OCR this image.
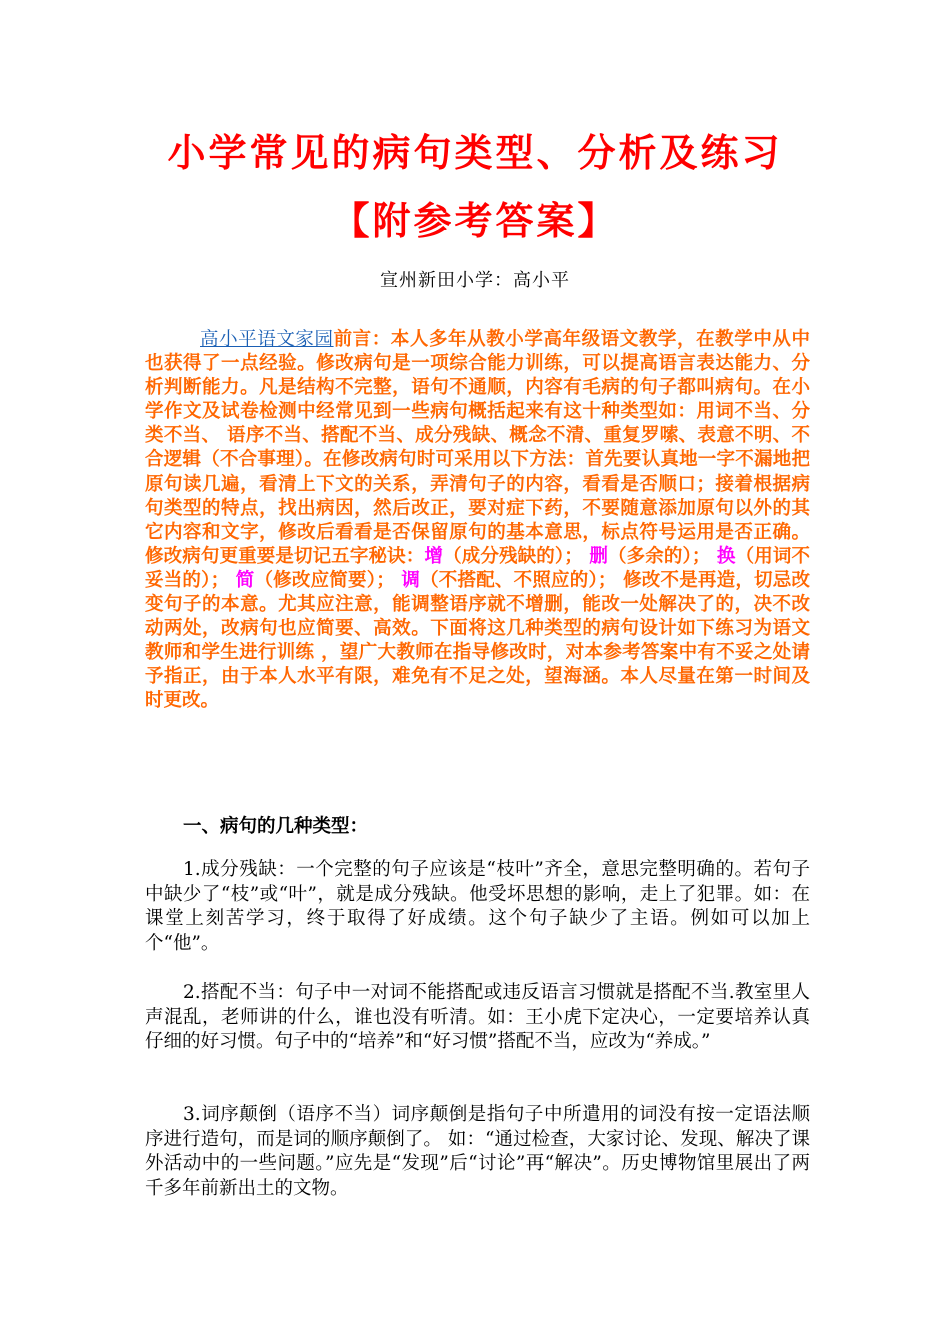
小学常见的病句类型、分析及练习
【附参考答案】
宣州新田小学：高小平
高小平语文家园前言：本人多年从教小学高年级语文教学，在教学中从中也获得了一点经验。修改病句是一项综合能力训练，可以提高语言表达能力、分析判断能力。凡是结构不完整，语句不通顺，内容有毛病的句子都叫病句。在小学作文及试卷检测中经常见到一些病句概括起来有这十种类型如：用词不当、分类不当、 语序不当、搭配不当、成分残缺、概念不清、重复罗嗦、表意不明、不合逻辑（不合事理）。在修改病句时可采用以下方法：首先要认真地一字不漏地把原句读几遍，看清上下文的关系，弄清句子的内容，看看是否顺口；接着根据病句类型的特点，找出病因，然后改正，要对症下药，不要随意添加原句以外的其它内容和文字，修改后看看是否保留原句的基本意思，标点符号运用是否正确。修改病句更重要是切记五字秘诀：增（成分残缺的）； 删（多余的）； 换（用词不妥当的）； 简（修改应简要）； 调（不搭配、不照应的）； 修改不是再造，切忌改变句子的本意。尤其应注意，能调整语序就不增删，能改一处解决了的，决不改动两处，改病句也应简要、高效。下面将这几种类型的病句设计如下练习为语文教师和学生进行训练 ，望广大教师在指导修改时，对本参考答案中有不妥之处请予指正，由于本人水平有限，难免有不足之处，望海涵。本人尽量在第一时间及时更改。
一、病句的几种类型：
1.成分残缺：一个完整的句子应该是“枝叶”齐全，意思完整明确的。若句子中缺少了“枝”或“叶”，就是成分残缺。他受坏思想的影响，走上了犯罪。如：在课堂上刻苦学习，终于取得了好成绩。这个句子缺少了主语。例如可以加上个“他”。
2.搭配不当：句子中一对词不能搭配或违反语言习惯就是搭配不当.教室里人声混乱，老师讲的什么，谁也没有听清。如：王小虎下定决心，一定要培养认真仔细的好习惯。句子中的“培养”和“好习惯”搭配不当，应改为“养成。”
3.词序颠倒（语序不当）词序颠倒是指句子中所遣用的词没有按一定语法顺序进行造句，而是词的顺序颠倒了。 如：“通过检查，大家讨论、发现、解决了课外活动中的一些问题。”应先是“发现”后“讨论”再“解决”。历史博物馆里展出了两千多年前新出土的文物。
